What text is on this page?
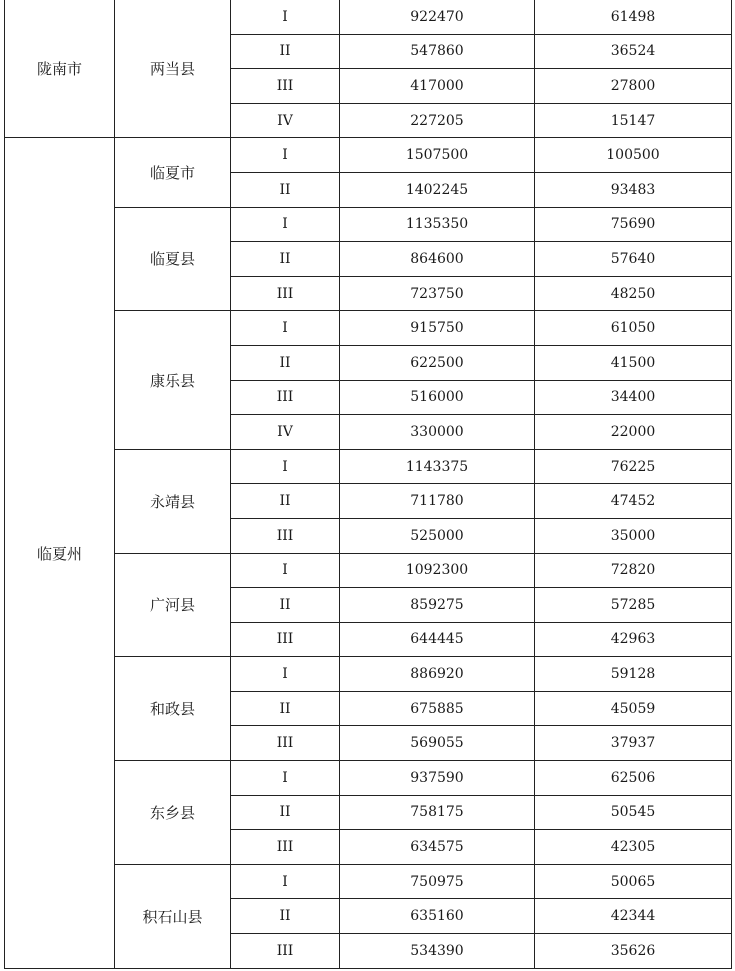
陇南市	两当县	I	922470	61498
		II	547860	36524
		III	417000	27800
		IV	227205	15147
临夏州	临夏市	I	1507500	100500
		II	1402245	93483
	临夏县	I	1135350	75690
		II	864600	57640
		III	723750	48250
	康乐县	I	915750	61050
		II	622500	41500
		III	516000	34400
		IV	330000	22000
	永靖县	I	1143375	76225
		II	711780	47452
		III	525000	35000
	广河县	I	1092300	72820
		II	859275	57285
		III	644445	42963
	和政县	I	886920	59128
		II	675885	45059
		III	569055	37937
	东乡县	I	937590	62506
		II	758175	50545
		III	634575	42305
	积石山县	I	750975	50065
		II	635160	42344
		III	534390	35626
